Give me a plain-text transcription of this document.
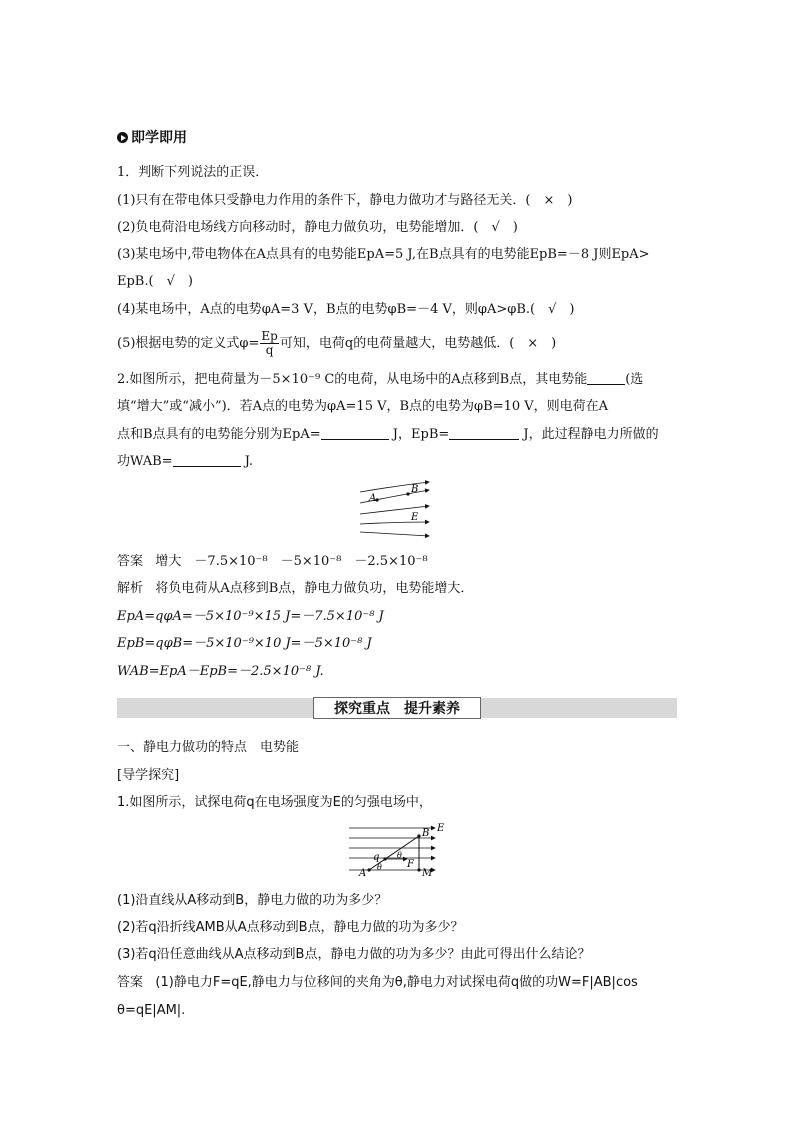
即学即用
1．判断下列说法的正误．
(1)只有在带电体只受静电力作用的条件下，静电力做功才与路径无关．(　×　)
(2)负电荷沿电场线方向移动时，静电力做负功，电势能增加．(　√　)
(3)某电场中,带电物体在A点具有的电势能EpA=5 J,在B点具有的电势能EpB=－8 J则EpA>
EpB.(　√　)
(4)某电场中，A点的电势φA=3 V，B点的电势φB=－4 V，则φA>φB.(　√　)
(5)根据电势的定义式$\varphi= \frac{Ep}{q}$ 可知，电荷q的电荷量越大，电势越低．(　×　)
2.如图所示，把电荷量为－5×10⁻⁹ C的电荷，从电场中的A点移到B点，其电势能	(选
填“增大”或“减小”)．若A点的电势为φA=15 V，B点的电势为φB=10 V，则电荷在A
点和B点具有的电势能分别为EpA=	J，EpB=	J，此过程静电力所做的
功WAB=	J.
A
B
E
答案 增大　－7.5×10⁻⁸　－5×10⁻⁸　－2.5×10⁻⁸
解析 将负电荷从A点移到B点，静电力做负功，电势能增大．
EpA=qφA=－5×10⁻⁹×15 J=－7.5×10⁻⁸ J
EpB=qφB=－5×10⁻⁹×10 J=－5×10⁻⁸ J
WAB=EpA－EpB=－2.5×10⁻⁸ J.
探究重点 提升素养
一、静电力做功的特点　电势能
[导学探究]
1.如图所示，试探电荷q在电场强度为E的匀强电场中，
A
B E
M
F
q
θ
θ
(1)沿直线从A移动到B，静电力做的功为多少？
(2)若q沿折线AMB从A点移动到B点，静电力做的功为多少？
(3)若q沿任意曲线从A点移动到B点，静电力做的功为多少？由此可得出什么结论？
答案 (1)静电力F=qE,静电力与位移间的夹角为θ,静电力对试探电荷q做的功W=F|AB|cos
θ=qE|AM|.
